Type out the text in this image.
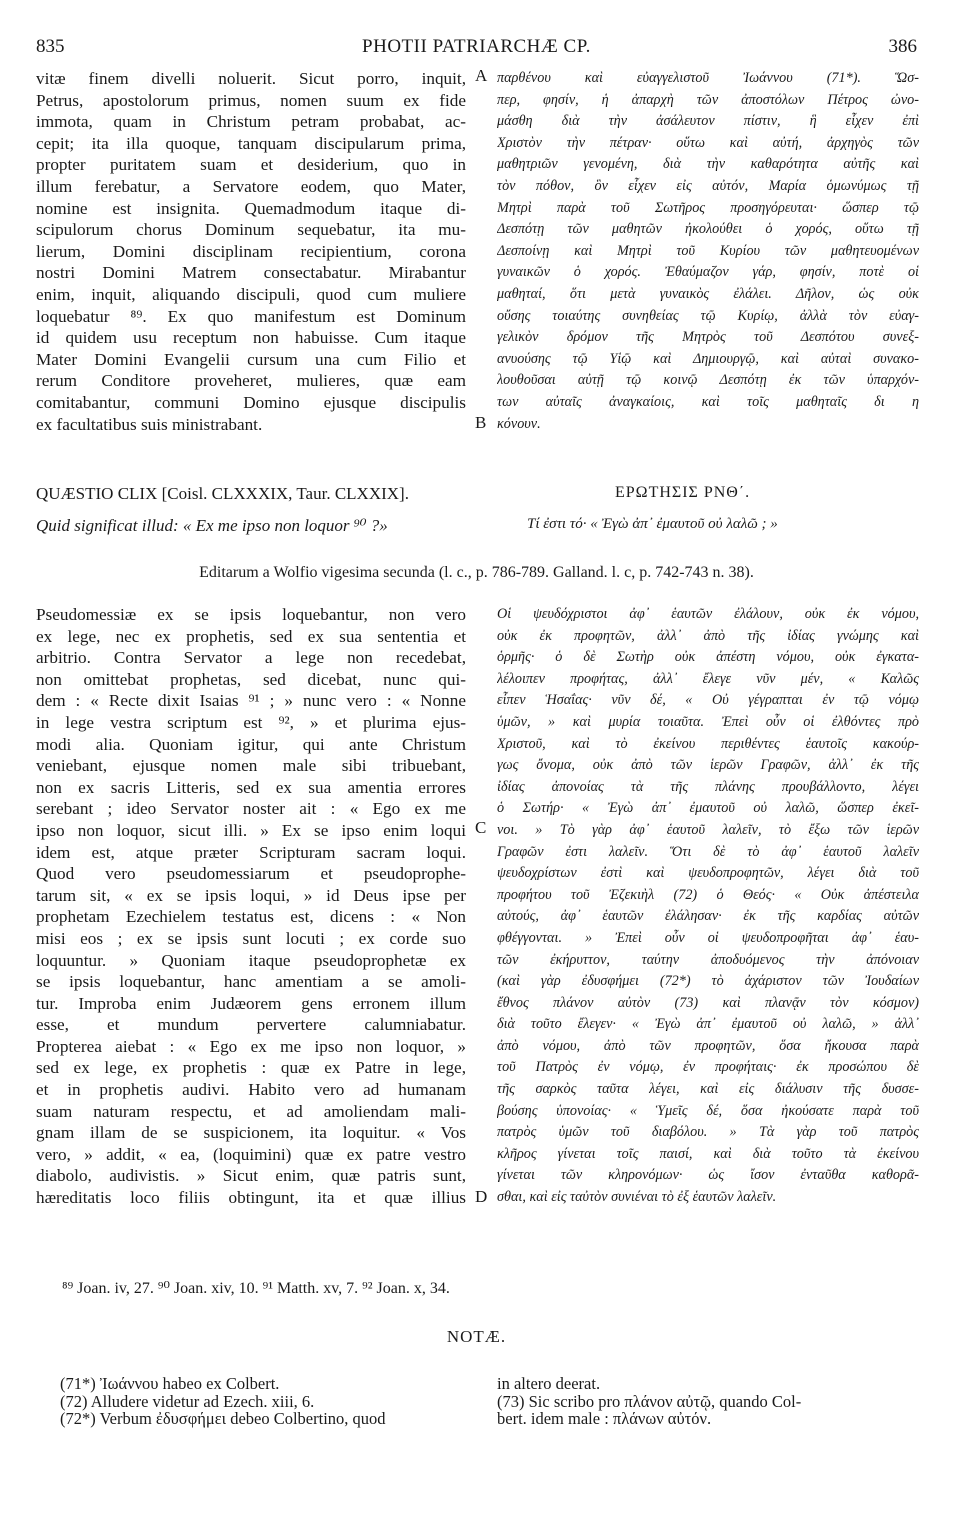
835	PHOTII PATRIARCHÆ CP.	386
vitæ finem divelli noluerit. Sicut porro, inquit,
Petrus, apostolorum primus, nomen suum ex fide
immota, quam in Christum petram probabat, ac-
cepit; ita illa quoque, tanquam discipularum prima,
propter puritatem suam et desiderium, quo in
illum ferebatur, a Servatore eodem, quo Mater,
nomine est insignita. Quemadmodum itaque di-
scipulorum chorus Dominum sequebatur, ita mu-
lierum, Domini disciplinam recipientium, corona
nostri Domini Matrem consectabatur. Mirabantur
enim, inquit, aliquando discipuli, quod cum muliere
loquebatur ⁸⁹. Ex quo manifestum est Dominum
id quidem usu receptum non habuisse. Cum itaque
Mater Domini Evangelii cursum una cum Filio et
rerum Conditore proveheret, mulieres, quæ eam
comitabantur, communi Domino ejusque discipulis
ex facultatibus suis ministrabant.
A
B
παρθένου καὶ εὐαγγελιστοῦ Ἰωάννου (71*). Ὥσ-
περ, φησίν, ἡ ἀπαρχὴ τῶν ἀποστόλων Πέτρος ὠνο-
μάσθη διὰ τὴν ἀσάλευτον πίστιν, ἣ εἶχεν ἐπὶ
Χριστὸν τὴν πέτραν· οὕτω καὶ αὐτή, ἀρχηγὸς τῶν
μαθητριῶν γενομένη, διὰ τὴν καθαρότητα αὐτῆς καὶ
τὸν πόθον, ὃν εἶχεν εἰς αὐτόν, Μαρία ὁμωνύμως τῇ
Μητρὶ παρὰ τοῦ Σωτῆρος προσηγόρευται· ὥσπερ τῷ
Δεσπότῃ τῶν μαθητῶν ἠκολούθει ὁ χορός, οὕτω τῇ
Δεσποίνῃ καὶ Μητρὶ τοῦ Κυρίου τῶν μαθητευομένων
γυναικῶν ὁ χορός. Ἐθαύμαζον γάρ, φησίν, ποτὲ οἱ
μαθηταί, ὅτι μετὰ γυναικὸς ἐλάλει. Δῆλον, ὡς οὐκ
οὔσης τοιαύτης συνηθείας τῷ Κυρίῳ, ἀλλὰ τὸν εὐαγ-
γελικὸν δρόμον τῆς Μητρὸς τοῦ Δεσπότου συνεξ-
ανυούσης τῷ Υἱῷ καὶ Δημιουργῷ, καὶ αὐταὶ συνακο-
λουθοῦσαι αὐτῇ τῷ κοινῷ Δεσπότῃ ἐκ τῶν ὑπαρχόν-
των αὐταῖς ἀναγκαίοις, καὶ τοῖς μαθηταῖς δι η
κόνουν.
QUÆSTIO CLIX [Coisl. CLXXXIX, Taur. CLXXIX].	ΕΡΩΤΗΣΙΣ ΡΝΘ΄.
Quid significat illud: « Ex me ipso non loquor ⁹⁰ ?»	Τί ἐστι τό· « Ἐγὼ ἀπ᾽ ἐμαυτοῦ οὐ λαλῶ ; »
Editarum a Wolfio vigesima secunda (l. c., p. 786-789. Galland. l. c, p. 742-743 n. 38).
Pseudomessiæ ex se ipsis loquebantur, non vero
ex lege, nec ex prophetis, sed ex sua sententia et
arbitrio. Contra Servator a lege non recedebat,
non omittebat prophetas, sed dicebat, nunc qui-
dem : « Recte dixit Isaias ⁹¹ ; » nunc vero : « Nonne
in lege vestra scriptum est ⁹², » et plurima ejus-
modi alia. Quoniam igitur, qui ante Christum
veniebant, ejusque nomen male sibi tribuebant,
non ex sacris Litteris, sed ex sua amentia errores
serebant ; ideo Servator noster ait : « Ego ex me
ipso non loquor, sicut illi. » Ex se ipso enim loqui
idem est, atque præter Scripturam sacram loqui.
Quod vero pseudomessiarum et pseudoprophe-
tarum sit, « ex se ipsis loqui, » id Deus ipse per
prophetam Ezechielem testatus est, dicens : « Non
misi eos ; ex se ipsis sunt locuti ; ex corde suo
loquuntur. » Quoniam itaque pseudoprophetæ ex
se ipsis loquebantur, hanc amentiam a se amoli-
tur. Improba enim Judæorem gens erronem illum
esse, et mundum pervertere calumniabatur.
Propterea aiebat : « Ego ex me ipso non loquor, »
sed ex lege, ex prophetis : quæ ex Patre in lege,
et in prophetis audivi. Habito vero ad humanam
suam naturam respectu, et ad amoliendam mali-
gnam illam de se suspicionem, ita loquitur. « Vos
vero, » addit, « ea, (loquimini) quæ ex patre vestro
diabolo, audivistis. » Sicut enim, quæ patris sunt,
hæreditatis loco filiis obtingunt, ita et quæ illius
C
D
Οἱ ψευδόχριστοι ἀφ᾽ ἑαυτῶν ἐλάλουν, οὐκ ἐκ νόμου,
οὐκ ἐκ προφητῶν, ἀλλ᾽ ἀπὸ τῆς ἰδίας γνώμης καὶ
ὁρμῆς· ὁ δὲ Σωτὴρ οὐκ ἀπέστη νόμου, οὐκ ἐγκατα-
λέλοιπεν προφήτας, ἀλλ᾽ ἔλεγε νῦν μέν, « Καλῶς
εἶπεν Ἡσαΐας· νῦν δέ, « Οὐ γέγραπται ἐν τῷ νόμῳ
ὑμῶν, » καὶ μυρία τοιαῦτα. Ἐπεὶ οὖν οἱ ἐλθόντες πρὸ
Χριστοῦ, καὶ τὸ ἐκείνου περιθέντες ἑαυτοῖς κακούρ-
γως ὄνομα, οὐκ ἀπὸ τῶν ἱερῶν Γραφῶν, ἀλλ᾽ ἐκ τῆς
ἰδίας ἀπονοίας τὰ τῆς πλάνης προυβάλλοντο, λέγει
ὁ Σωτήρ· « Ἐγὼ ἀπ᾽ ἐμαυτοῦ οὐ λαλῶ, ὥσπερ ἐκεῖ-
νοι. » Τὸ γὰρ ἀφ᾽ ἑαυτοῦ λαλεῖν, τὸ ἔξω τῶν ἱερῶν
Γραφῶν ἐστι λαλεῖν. Ὅτι δὲ τὸ ἀφ᾽ ἑαυτοῦ λαλεῖν
ψευδοχρίστων ἐστὶ καὶ ψευδοπροφητῶν, λέγει διὰ τοῦ
προφήτου τοῦ Ἐζεκιὴλ (72) ὁ Θεός· « Οὐκ ἀπέστειλα
αὐτούς, ἀφ᾽ ἑαυτῶν ἐλάλησαν· ἐκ τῆς καρδίας αὐτῶν
φθέγγονται. » Ἐπεὶ οὖν οἱ ψευδοπροφῆται ἀφ᾽ ἑαυ-
τῶν ἐκήρυττον, ταύτην ἀποδυόμενος τὴν ἀπόνοιαν
(καὶ γὰρ ἐδυσφήμει (72*) τὸ ἀχάριστον τῶν Ἰουδαίων
ἔθνος πλάνον αὐτὸν (73) καὶ πλανᾷν τὸν κόσμον)
διὰ τοῦτο ἔλεγεν· « Ἐγὼ ἀπ᾽ ἐμαυτοῦ οὐ λαλῶ, » ἀλλ᾽
ἀπὸ νόμου, ἀπὸ τῶν προφητῶν, ὅσα ἤκουσα παρὰ
τοῦ Πατρὸς ἐν νόμῳ, ἐν προφήταις· ἐκ προσώπου δὲ
τῆς σαρκὸς ταῦτα λέγει, καὶ εἰς διάλυσιν τῆς δυσσε-
βούσης ὑπονοίας· « Ὑμεῖς δέ, ὅσα ἠκούσατε παρὰ τοῦ
πατρὸς ὑμῶν τοῦ διαβόλου. » Τὰ γὰρ τοῦ πατρὸς
κλῆρος γίνεται τοῖς παισί, καὶ διὰ τοῦτο τὰ ἐκείνου
γίνεται τῶν κληρονόμων· ὡς ἴσον ἐνταῦθα καθορᾶ-
σθαι, καὶ εἰς ταὐτὸν συνιέναι τὸ ἐξ ἑαυτῶν λαλεῖν.
⁸⁹ Joan. iv, 27. ⁹⁰ Joan. xiv, 10. ⁹¹ Matth. xv, 7. ⁹² Joan. x, 34.
NOTÆ.
(71*) Ἰωάννου habeo ex Colbert.
(72) Alludere videtur ad Ezech. xiii, 6.
(72*) Verbum ἐδυσφήμει debeo Colbertino, quod
in altero deerat.
(73) Sic scribo pro πλάνον αὐτῷ, quando Col-
bert. idem male : πλάνων αὐτόν.
